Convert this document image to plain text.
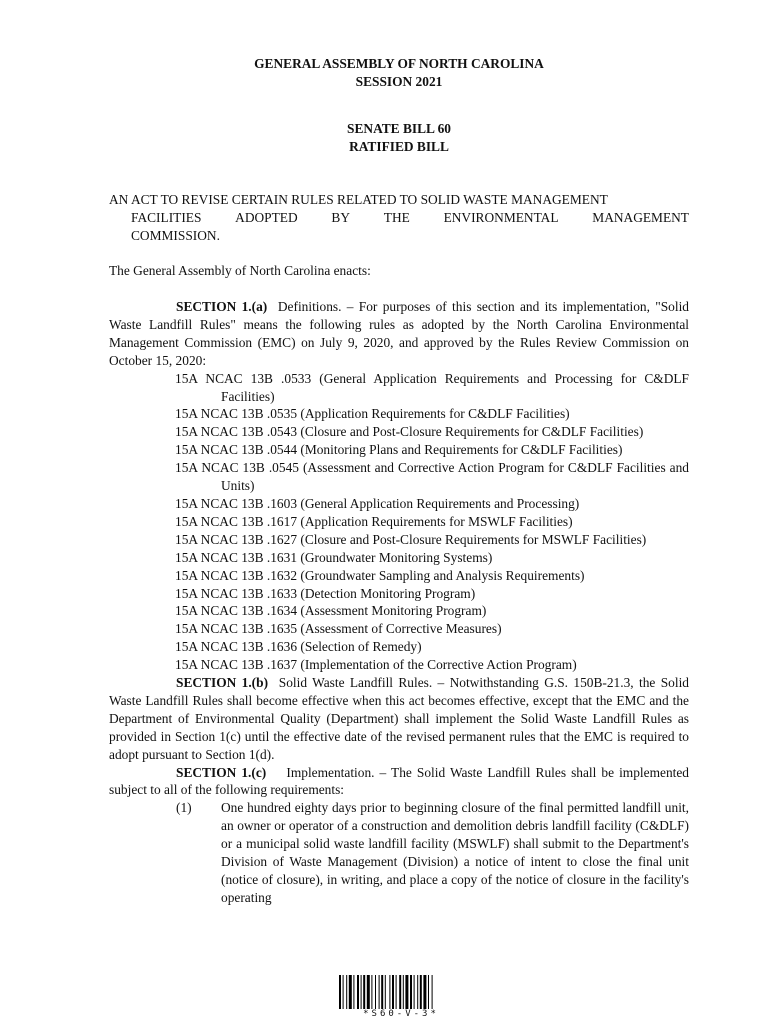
GENERAL ASSEMBLY OF NORTH CAROLINA
SESSION 2021
SENATE BILL 60
RATIFIED BILL
AN ACT TO REVISE CERTAIN RULES RELATED TO SOLID WASTE MANAGEMENT
FACILITIES	ADOPTED	BY	THE	ENVIRONMENTAL	MANAGEMENT
COMMISSION.
The General Assembly of North Carolina enacts:

SECTION 1.(a) Definitions. – For purposes of this section and its implementation, "Solid Waste Landfill Rules" means the following rules as adopted by the North Carolina Environmental Management Commission (EMC) on July 9, 2020, and approved by the Rules Review Commission on October 15, 2020:

15A NCAC 13B .0533 (General Application Requirements and Processing for C&DLF Facilities)

15A NCAC 13B .0535 (Application Requirements for C&DLF Facilities)

15A NCAC 13B .0543 (Closure and Post-Closure Requirements for C&DLF Facilities)

15A NCAC 13B .0544 (Monitoring Plans and Requirements for C&DLF Facilities)

15A NCAC 13B .0545 (Assessment and Corrective Action Program for C&DLF Facilities and Units)

15A NCAC 13B .1603 (General Application Requirements and Processing)

15A NCAC 13B .1617 (Application Requirements for MSWLF Facilities)

15A NCAC 13B .1627 (Closure and Post-Closure Requirements for MSWLF Facilities)

15A NCAC 13B .1631 (Groundwater Monitoring Systems)

15A NCAC 13B .1632 (Groundwater Sampling and Analysis Requirements)

15A NCAC 13B .1633 (Detection Monitoring Program)

15A NCAC 13B .1634 (Assessment Monitoring Program)

15A NCAC 13B .1635 (Assessment of Corrective Measures)

15A NCAC 13B .1636 (Selection of Remedy)

15A NCAC 13B .1637 (Implementation of the Corrective Action Program)

SECTION 1.(b) Solid Waste Landfill Rules. – Notwithstanding G.S. 150B-21.3, the Solid Waste Landfill Rules shall become effective when this act becomes effective, except that the EMC and the Department of Environmental Quality (Department) shall implement the Solid Waste Landfill Rules as provided in Section 1(c) until the effective date of the revised permanent rules that the EMC is required to adopt pursuant to Section 1(d).

SECTION 1.(c) Implementation. – The Solid Waste Landfill Rules shall be implemented subject to all of the following requirements:

(1)	One hundred eighty days prior to beginning closure of the final permitted landfill unit, an owner or operator of a construction and demolition debris landfill facility (C&DLF) or a municipal solid waste landfill facility (MSWLF) shall submit to the Department's Division of Waste Management (Division) a notice of intent to close the final unit (notice of closure), in writing, and place a copy of the notice of closure in the facility's operating
*S60-V-3*
